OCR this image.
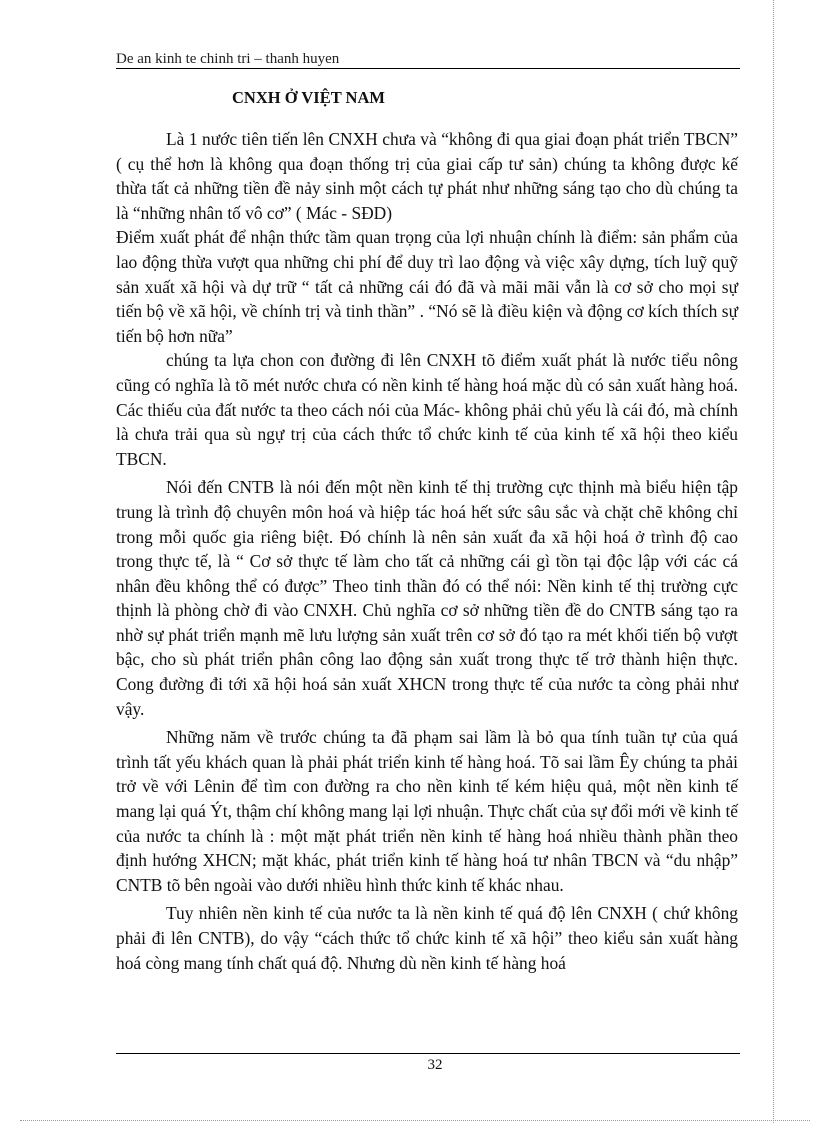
De an kinh te chinh tri – thanh huyen
CNXH Ở VIỆT NAM

Là 1 nước tiên tiến lên CNXH chưa và “không đi qua giai đoạn phát triển TBCN” ( cụ thể hơn là không qua đoạn thống trị của giai cấp tư sản) chúng ta không được kế thừa tất cả những tiền đề nảy sinh một cách tự phát như những sáng tạo cho dù chúng ta là “những nhân tố vô cơ” ( Mác - SĐD)

Điểm xuất phát để nhận thức tầm quan trọng của lợi nhuận chính là điểm: sản phẩm của lao động thừa vượt qua những chi phí để duy trì lao động và việc xây dựng, tích luỹ quỹ sản xuất xã hội và dự trữ “ tất cả những cái đó đã và mãi mãi vẫn là cơ sở cho mọi sự tiến bộ về xã hội, về chính trị và tinh thần” . “Nó sẽ là điều kiện và động cơ kích thích sự tiến bộ hơn nữa”

chúng ta lựa chon con đường đi lên CNXH tõ điểm xuất phát là nước tiểu nông cũng có nghĩa là tõ mét nước chưa có nền kinh tế hàng hoá mặc dù có sản xuất hàng hoá. Các thiếu của đất nước ta theo cách nói của Mác- không phải chủ yếu là cái đó, mà chính là chưa trải qua sù ngự trị của cách thức tổ chức kinh tế của kinh tế xã hội theo kiểu TBCN.

Nói đến CNTB là nói đến một nền kinh tế thị trường cực thịnh mà biểu hiện tập trung là trình độ chuyên môn hoá và hiệp tác hoá hết sức sâu sắc và chặt chẽ không chỉ trong mỗi quốc gia riêng biệt. Đó chính là nên sản xuất đa xã hội hoá ở trình độ cao trong thực tế, là “ Cơ sở thực tế làm cho tất cả những cái gì tồn tại độc lập với các cá nhân đều không thể có được” Theo tinh thần đó có thể nói: Nền kinh tế thị trường cực thịnh là phòng chờ đi vào CNXH. Chủ nghĩa cơ sở những tiền đề do CNTB sáng tạo ra nhờ sự phát triển mạnh mẽ lưu lượng sản xuất trên cơ sở đó tạo ra mét khối tiến bộ vượt bậc, cho sù phát triển phân công lao động sản xuất trong thực tế trở thành hiện thực. Cong đường đi tới xã hội hoá sản xuất XHCN trong thực tế của nước ta còng phải như vậy.

Những năm về trước chúng ta đã phạm sai lầm là bỏ qua tính tuần tự của quá trình tất yếu khách quan là phải phát triển kinh tế hàng hoá. Tõ sai lầm Êy chúng ta phải trở về với Lênin để tìm con đường ra cho nền kinh tế kém hiệu quả, một nền kinh tế mang lại quá Ýt, thậm chí không mang lại lợi nhuận. Thực chất của sự đổi mới về kinh tế của nước ta chính là : một mặt phát triển nền kinh tế hàng hoá nhiều thành phần theo định hướng XHCN; mặt khác, phát triển kinh tế hàng hoá tư nhân TBCN và “du nhập” CNTB tõ bên ngoài vào dưới nhiều hình thức kinh tế khác nhau.

Tuy nhiên nền kinh tế của nước ta là nền kinh tế quá độ lên CNXH ( chứ không phải đi lên CNTB), do vậy “cách thức tổ chức kinh tế xã hội” theo kiểu sản xuất hàng hoá còng mang tính chất quá độ. Nhưng dù nền kinh tế hàng hoá

32
